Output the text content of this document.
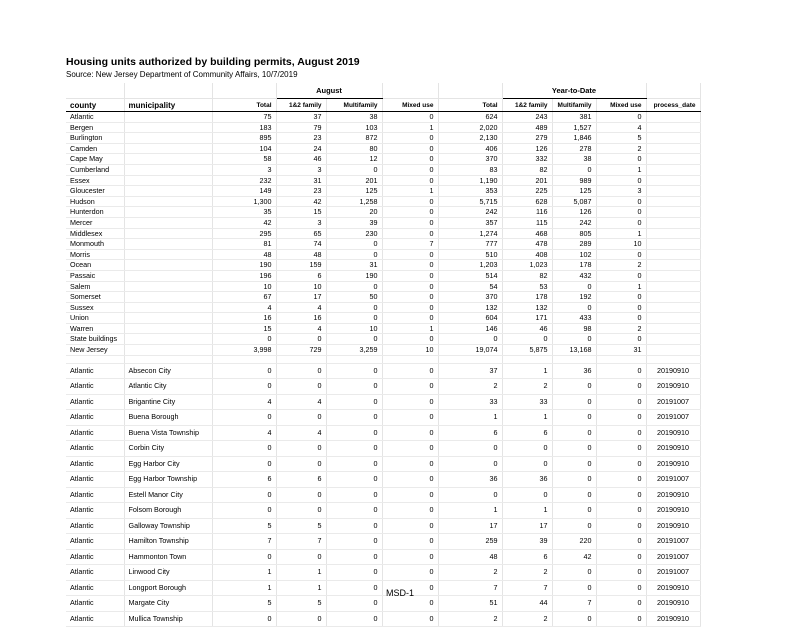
Housing units authorized by building permits, August 2019
Source: New Jersey Department of Community Affairs, 10/7/2019
			August				Year-to-Date			
county	municipality	Total	1&2 family	Multifamily	Mixed use	Total	1&2 family	Multifamily	Mixed use	process_date
Atlantic		75	37	38	0	624	243	381	0	
Bergen		183	79	103	1	2,020	489	1,527	4	
Burlington		895	23	872	0	2,130	279	1,846	5	
Camden		104	24	80	0	406	126	278	2	
Cape May		58	46	12	0	370	332	38	0	
Cumberland		3	3	0	0	83	82	0	1	
Essex		232	31	201	0	1,190	201	989	0	
Gloucester		149	23	125	1	353	225	125	3	
Hudson		1,300	42	1,258	0	5,715	628	5,087	0	
Hunterdon		35	15	20	0	242	116	126	0	
Mercer		42	3	39	0	357	115	242	0	
Middlesex		295	65	230	0	1,274	468	805	1	
Monmouth		81	74	0	7	777	478	289	10	
Morris		48	48	0	0	510	408	102	0	
Ocean		190	159	31	0	1,203	1,023	178	2	
Passaic		196	6	190	0	514	82	432	0	
Salem		10	10	0	0	54	53	0	1	
Somerset		67	17	50	0	370	178	192	0	
Sussex		4	4	0	0	132	132	0	0	
Union		16	16	0	0	604	171	433	0	
Warren		15	4	10	1	146	46	98	2	
State buildings		0	0	0	0	0	0	0	0	
New Jersey		3,998	729	3,259	10	19,074	5,875	13,168	31	

Atlantic	Absecon City	0	0	0	0	37	1	36	0	20190910
Atlantic	Atlantic City	0	0	0	0	2	2	0	0	20190910
Atlantic	Brigantine City	4	4	0	0	33	33	0	0	20191007
Atlantic	Buena Borough	0	0	0	0	1	1	0	0	20191007
Atlantic	Buena Vista Township	4	4	0	0	6	6	0	0	20190910
Atlantic	Corbin City	0	0	0	0	0	0	0	0	20190910
Atlantic	Egg Harbor City	0	0	0	0	0	0	0	0	20190910
Atlantic	Egg Harbor Township	6	6	0	0	36	36	0	0	20191007
Atlantic	Estell Manor City	0	0	0	0	0	0	0	0	20190910
Atlantic	Folsom Borough	0	0	0	0	1	1	0	0	20190910
Atlantic	Galloway Township	5	5	0	0	17	17	0	0	20190910
Atlantic	Hamilton Township	7	7	0	0	259	39	220	0	20191007
Atlantic	Hammonton Town	0	0	0	0	48	6	42	0	20191007
Atlantic	Linwood City	1	1	0	0	2	2	0	0	20191007
Atlantic	Longport Borough	1	1	0	0	7	7	0	0	20190910
Atlantic	Margate City	5	5	0	0	51	44	7	0	20190910
Atlantic	Mullica Township	0	0	0	0	2	2	0	0	20190910
MSD-1
